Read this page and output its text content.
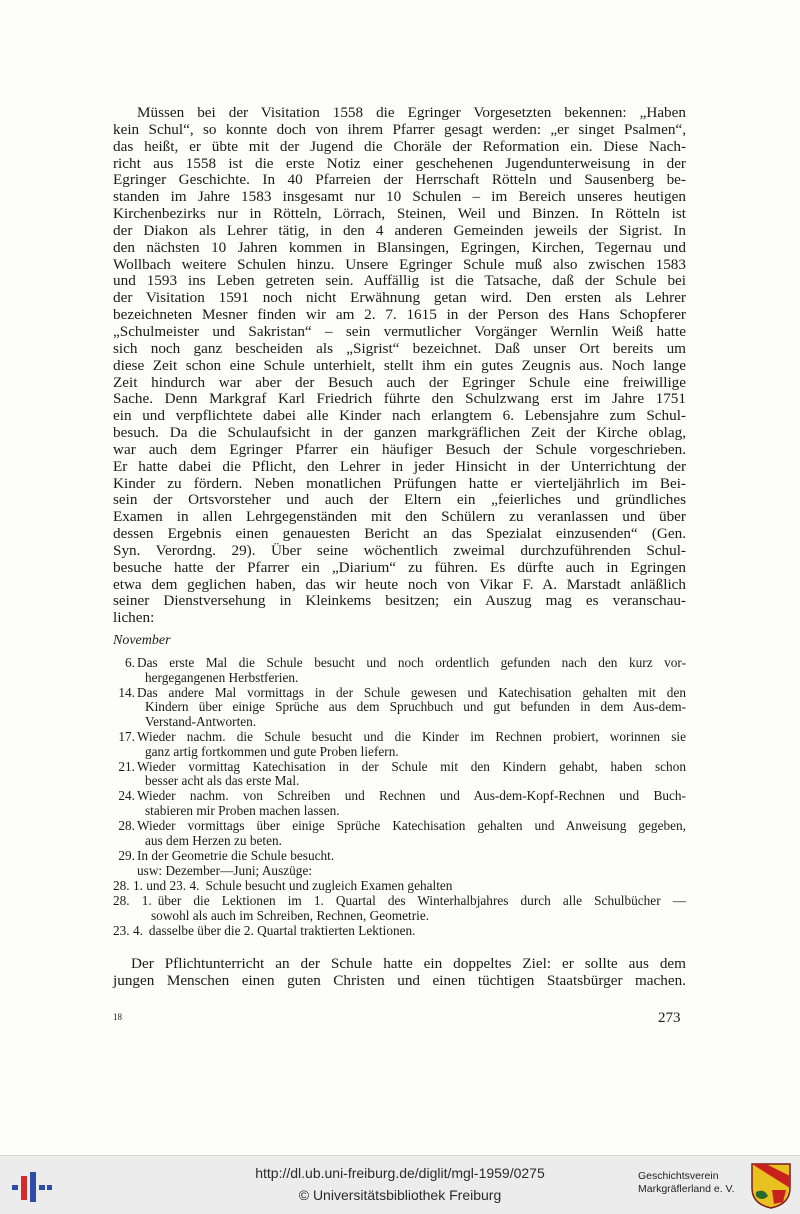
Müssen bei der Visitation 1558 die Egringer Vorgesetzten bekennen: „Haben
kein Schul“, so konnte doch von ihrem Pfarrer gesagt werden: „er singet Psalmen“,
das heißt, er übte mit der Jugend die Choräle der Reformation ein. Diese Nach-
richt aus 1558 ist die erste Notiz einer geschehenen Jugendunterweisung in der
Egringer Geschichte. In 40 Pfarreien der Herrschaft Rötteln und Sausenberg be-
standen im Jahre 1583 insgesamt nur 10 Schulen – im Bereich unseres heutigen
Kirchenbezirks nur in Rötteln, Lörrach, Steinen, Weil und Binzen. In Rötteln ist
der Diakon als Lehrer tätig, in den 4 anderen Gemeinden jeweils der Sigrist. In
den nächsten 10 Jahren kommen in Blansingen, Egringen, Kirchen, Tegernau und
Wollbach weitere Schulen hinzu. Unsere Egringer Schule muß also zwischen 1583
und 1593 ins Leben getreten sein. Auffällig ist die Tatsache, daß der Schule bei
der Visitation 1591 noch nicht Erwähnung getan wird. Den ersten als Lehrer
bezeichneten Mesner finden wir am 2. 7. 1615 in der Person des Hans Schopferer
„Schulmeister und Sakristan“ – sein vermutlicher Vorgänger Wernlin Weiß hatte
sich noch ganz bescheiden als „Sigrist“ bezeichnet. Daß unser Ort bereits um
diese Zeit schon eine Schule unterhielt, stellt ihm ein gutes Zeugnis aus. Noch lange
Zeit hindurch war aber der Besuch auch der Egringer Schule eine freiwillige
Sache. Denn Markgraf Karl Friedrich führte den Schulzwang erst im Jahre 1751
ein und verpflichtete dabei alle Kinder nach erlangtem 6. Lebensjahre zum Schul-
besuch. Da die Schulaufsicht in der ganzen markgräflichen Zeit der Kirche oblag,
war auch dem Egringer Pfarrer ein häufiger Besuch der Schule vorgeschrieben.
Er hatte dabei die Pflicht, den Lehrer in jeder Hinsicht in der Unterrichtung der
Kinder zu fördern. Neben monatlichen Prüfungen hatte er vierteljährlich im Bei-
sein der Ortsvorsteher und auch der Eltern ein „feierliches und gründliches
Examen in allen Lehrgegenständen mit den Schülern zu veranlassen und über
dessen Ergebnis einen genauesten Bericht an das Spezialat einzusenden“ (Gen.
Syn. Verordng. 29). Über seine wöchentlich zweimal durchzuführenden Schul-
besuche hatte der Pfarrer ein „Diarium“ zu führen. Es dürfte auch in Egringen
etwa dem geglichen haben, das wir heute noch von Vikar F. A. Marstadt anläßlich
seiner Dienstversehung in Kleinkems besitzen; ein Auszug mag es veranschau-
lichen:
November
6. Das erste Mal die Schule besucht und noch ordentlich gefunden nach den kurz vor-
hergegangenen Herbstferien.
14. Das andere Mal vormittags in der Schule gewesen und Katechisation gehalten mit den
Kindern über einige Sprüche aus dem Spruchbuch und gut befunden in dem Aus-dem-
Verstand-Antworten.
17. Wieder nachm. die Schule besucht und die Kinder im Rechnen probiert, worinnen sie
ganz artig fortkommen und gute Proben liefern.
21. Wieder vormittag Katechisation in der Schule mit den Kindern gehabt, haben schon
besser acht als das erste Mal.
24. Wieder nachm. von Schreiben und Rechnen und Aus-dem-Kopf-Rechnen und Buch-
stabieren mir Proben machen lassen.
28. Wieder vormittags über einige Sprüche Katechisation gehalten und Anweisung gegeben,
aus dem Herzen zu beten.
29. In der Geometrie die Schule besucht.
usw: Dezember—Juni; Auszüge:
28. 1. und 23. 4. Schule besucht und zugleich Examen gehalten
28. 1. über die Lektionen im 1. Quartal des Winterhalbjahres durch alle Schulbücher —
sowohl als auch im Schreiben, Rechnen, Geometrie.
23. 4. dasselbe über die 2. Quartal traktierten Lektionen.
Der Pflichtunterricht an der Schule hatte ein doppeltes Ziel: er sollte aus dem
jungen Menschen einen guten Christen und einen tüchtigen Staatsbürger machen.
18	273
http://dl.ub.uni-freiburg.de/diglit/mgl-1959/0275
© Universitätsbibliothek Freiburg
Geschichtsverein
Markgräflerland e. V.
